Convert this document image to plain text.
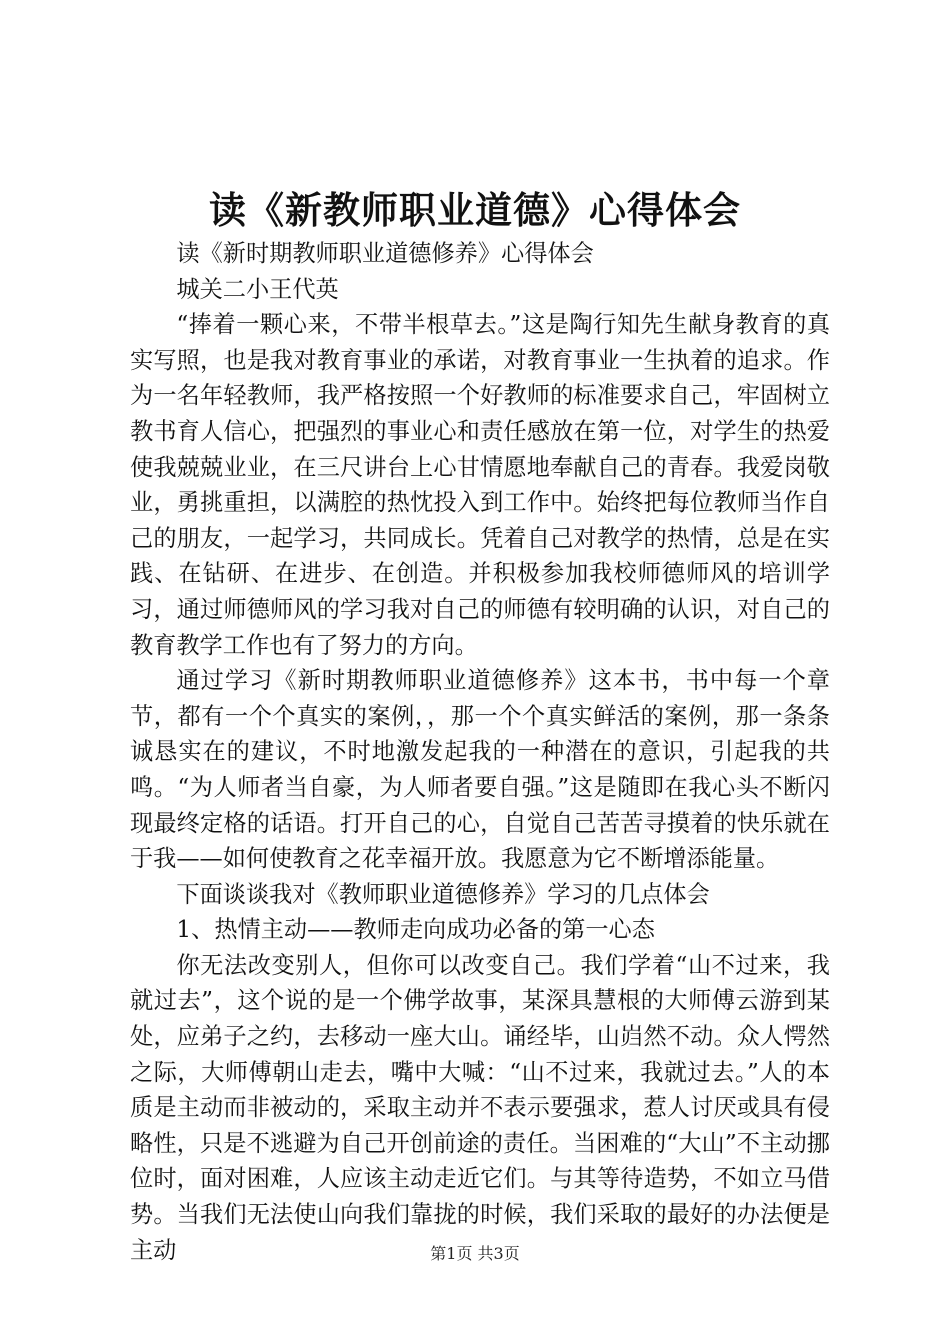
读《新教师职业道德》心得体会

读《新时期教师职业道德修养》心得体会

城关二小王代英

“捧着一颗心来，不带半根草去。”这是陶行知先生献身教育的真实写照，也是我对教育事业的承诺，对教育事业一生执着的追求。作为一名年轻教师，我严格按照一个好教师的标准要求自己，牢固树立教书育人信心，把强烈的事业心和责任感放在第一位，对学生的热爱使我兢兢业业，在三尺讲台上心甘情愿地奉献自己的青春。我爱岗敬业，勇挑重担，以满腔的热忱投入到工作中。始终把每位教师当作自己的朋友，一起学习，共同成长。凭着自己对教学的热情，总是在实践、在钻研、在进步、在创造。并积极参加我校师德师风的培训学习，通过师德师风的学习我对自己的师德有较明确的认识，对自己的教育教学工作也有了努力的方向。

通过学习《新时期教师职业道德修养》这本书，书中每一个章节，都有一个个真实的案例，，那一个个真实鲜活的案例，那一条条诚恳实在的建议，不时地激发起我的一种潜在的意识，引起我的共鸣。“为人师者当自豪，为人师者要自强。”这是随即在我心头不断闪现最终定格的话语。打开自己的心，自觉自己苦苦寻摸着的快乐就在于我——如何使教育之花幸福开放。我愿意为它不断增添能量。

下面谈谈我对《教师职业道德修养》学习的几点体会

1、热情主动——教师走向成功必备的第一心态

你无法改变别人，但你可以改变自己。我们学着“山不过来，我就过去”，这个说的是一个佛学故事，某深具慧根的大师傅云游到某处，应弟子之约，去移动一座大山。诵经毕，山岿然不动。众人愕然之际，大师傅朝山走去，嘴中大喊：“山不过来，我就过去。”人的本质是主动而非被动的，采取主动并不表示要强求，惹人讨厌或具有侵略性，只是不逃避为自己开创前途的责任。当困难的“大山”不主动挪位时，面对困难，人应该主动走近它们。与其等待造势，不如立马借势。当我们无法使山向我们靠拢的时候，我们采取的最好的办法便是主动	第1页 共3页
